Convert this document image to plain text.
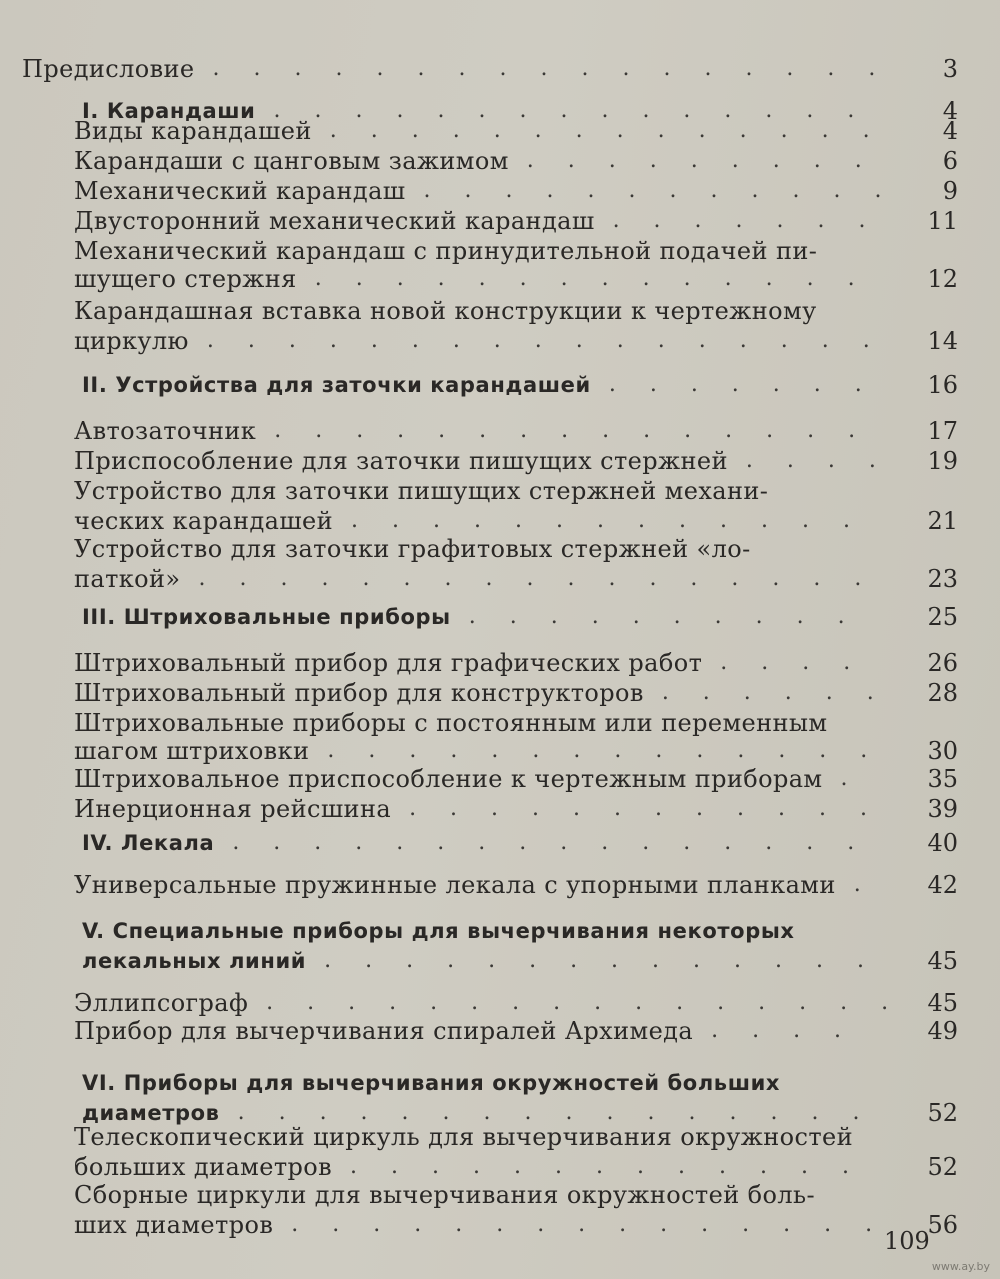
Предисловие ................. 3
I. Карандаши ............... 4
Виды карандашей .............. 4
Карандаши с цанговым зажимом ......... 6
Механический карандаш ............ 9
Двусторонний механический карандаш ....... 11
Механический карандаш с принудительной подачей пи-
шущего стержня .............. 12
Карандашная вставка новой конструкции к чертежному
циркулю ................. 14
II. Устройства для заточки карандашей ....... 16
Автозаточник ............... 17
Приспособление для заточки пишущих стержней .... 19
Устройство для заточки пишущих стержней механи-
ческих карандашей ............. 21
Устройство для заточки графитовых стержней «ло-
паткой» ................. 23
III. Штриховальные приборы .......... 25
Штриховальный прибор для графических работ .... 26
Штриховальный прибор для конструкторов ...... 28
Штриховальные приборы с постоянным или переменным
шагом штриховки .............. 30
Штриховальное приспособление к чертежным приборам . 35
Инерционная рейсшина ............ 39
IV. Лекала ................ 40
Универсальные пружинные лекала с упорными планками . 42
V. Специальные приборы для вычерчивания некоторых
лекальных линий .............. 45
Эллипсограф ................ 45
Прибор для вычерчивания спиралей Архимеда .... 49
VI. Приборы для вычерчивания окружностей больших
диаметров ................ 52
Телескопический циркуль для вычерчивания окружностей
больших диаметров ............. 52
Сборные циркули для вычерчивания окружностей боль-
ших диаметров ............... 56
109
www.ay.by
